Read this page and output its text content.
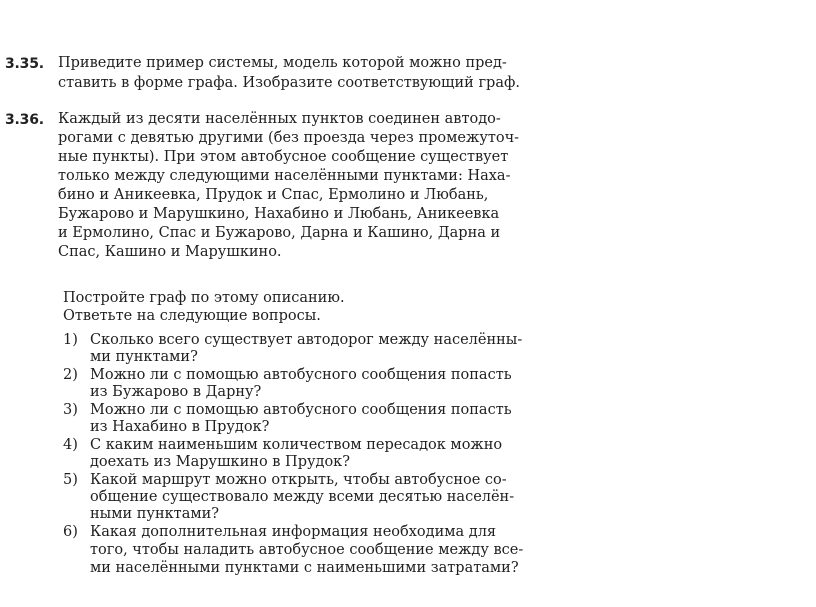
3.35. Приведите пример системы, модель которой можно пред-
ставить в форме графа. Изобразите соответствующий граф.
3.36. Каждый из десяти населённых пунктов соединен автодо-
рогами с девятью другими (без проезда через промежуточ-
ные пункты). При этом автобусное сообщение существует
только между следующими населёнными пунктами: Наха-
бино и Аникеевка, Прудок и Спас, Ермолино и Любань,
Бужарово и Марушкино, Нахабино и Любань, Аникеевка
и Ермолино, Спас и Бужарово, Дарна и Кашино, Дарна и
Спас, Кашино и Марушкино.
Постройте граф по этому описанию.
Ответьте на следующие вопросы.
1) Сколько всего существует автодорог между населённы-
ми пунктами?
2) Можно ли с помощью автобусного сообщения попасть
из Бужарово в Дарну?
3) Можно ли с помощью автобусного сообщения попасть
из Нахабино в Прудок?
4) С каким наименьшим количеством пересадок можно
доехать из Марушкино в Прудок?
5) Какой маршрут можно открыть, чтобы автобусное со-
общение существовало между всеми десятью населён-
ными пунктами?
6) Какая дополнительная информация необходима для
того, чтобы наладить автобусное сообщение между все-
ми населёнными пунктами с наименьшими затратами?
